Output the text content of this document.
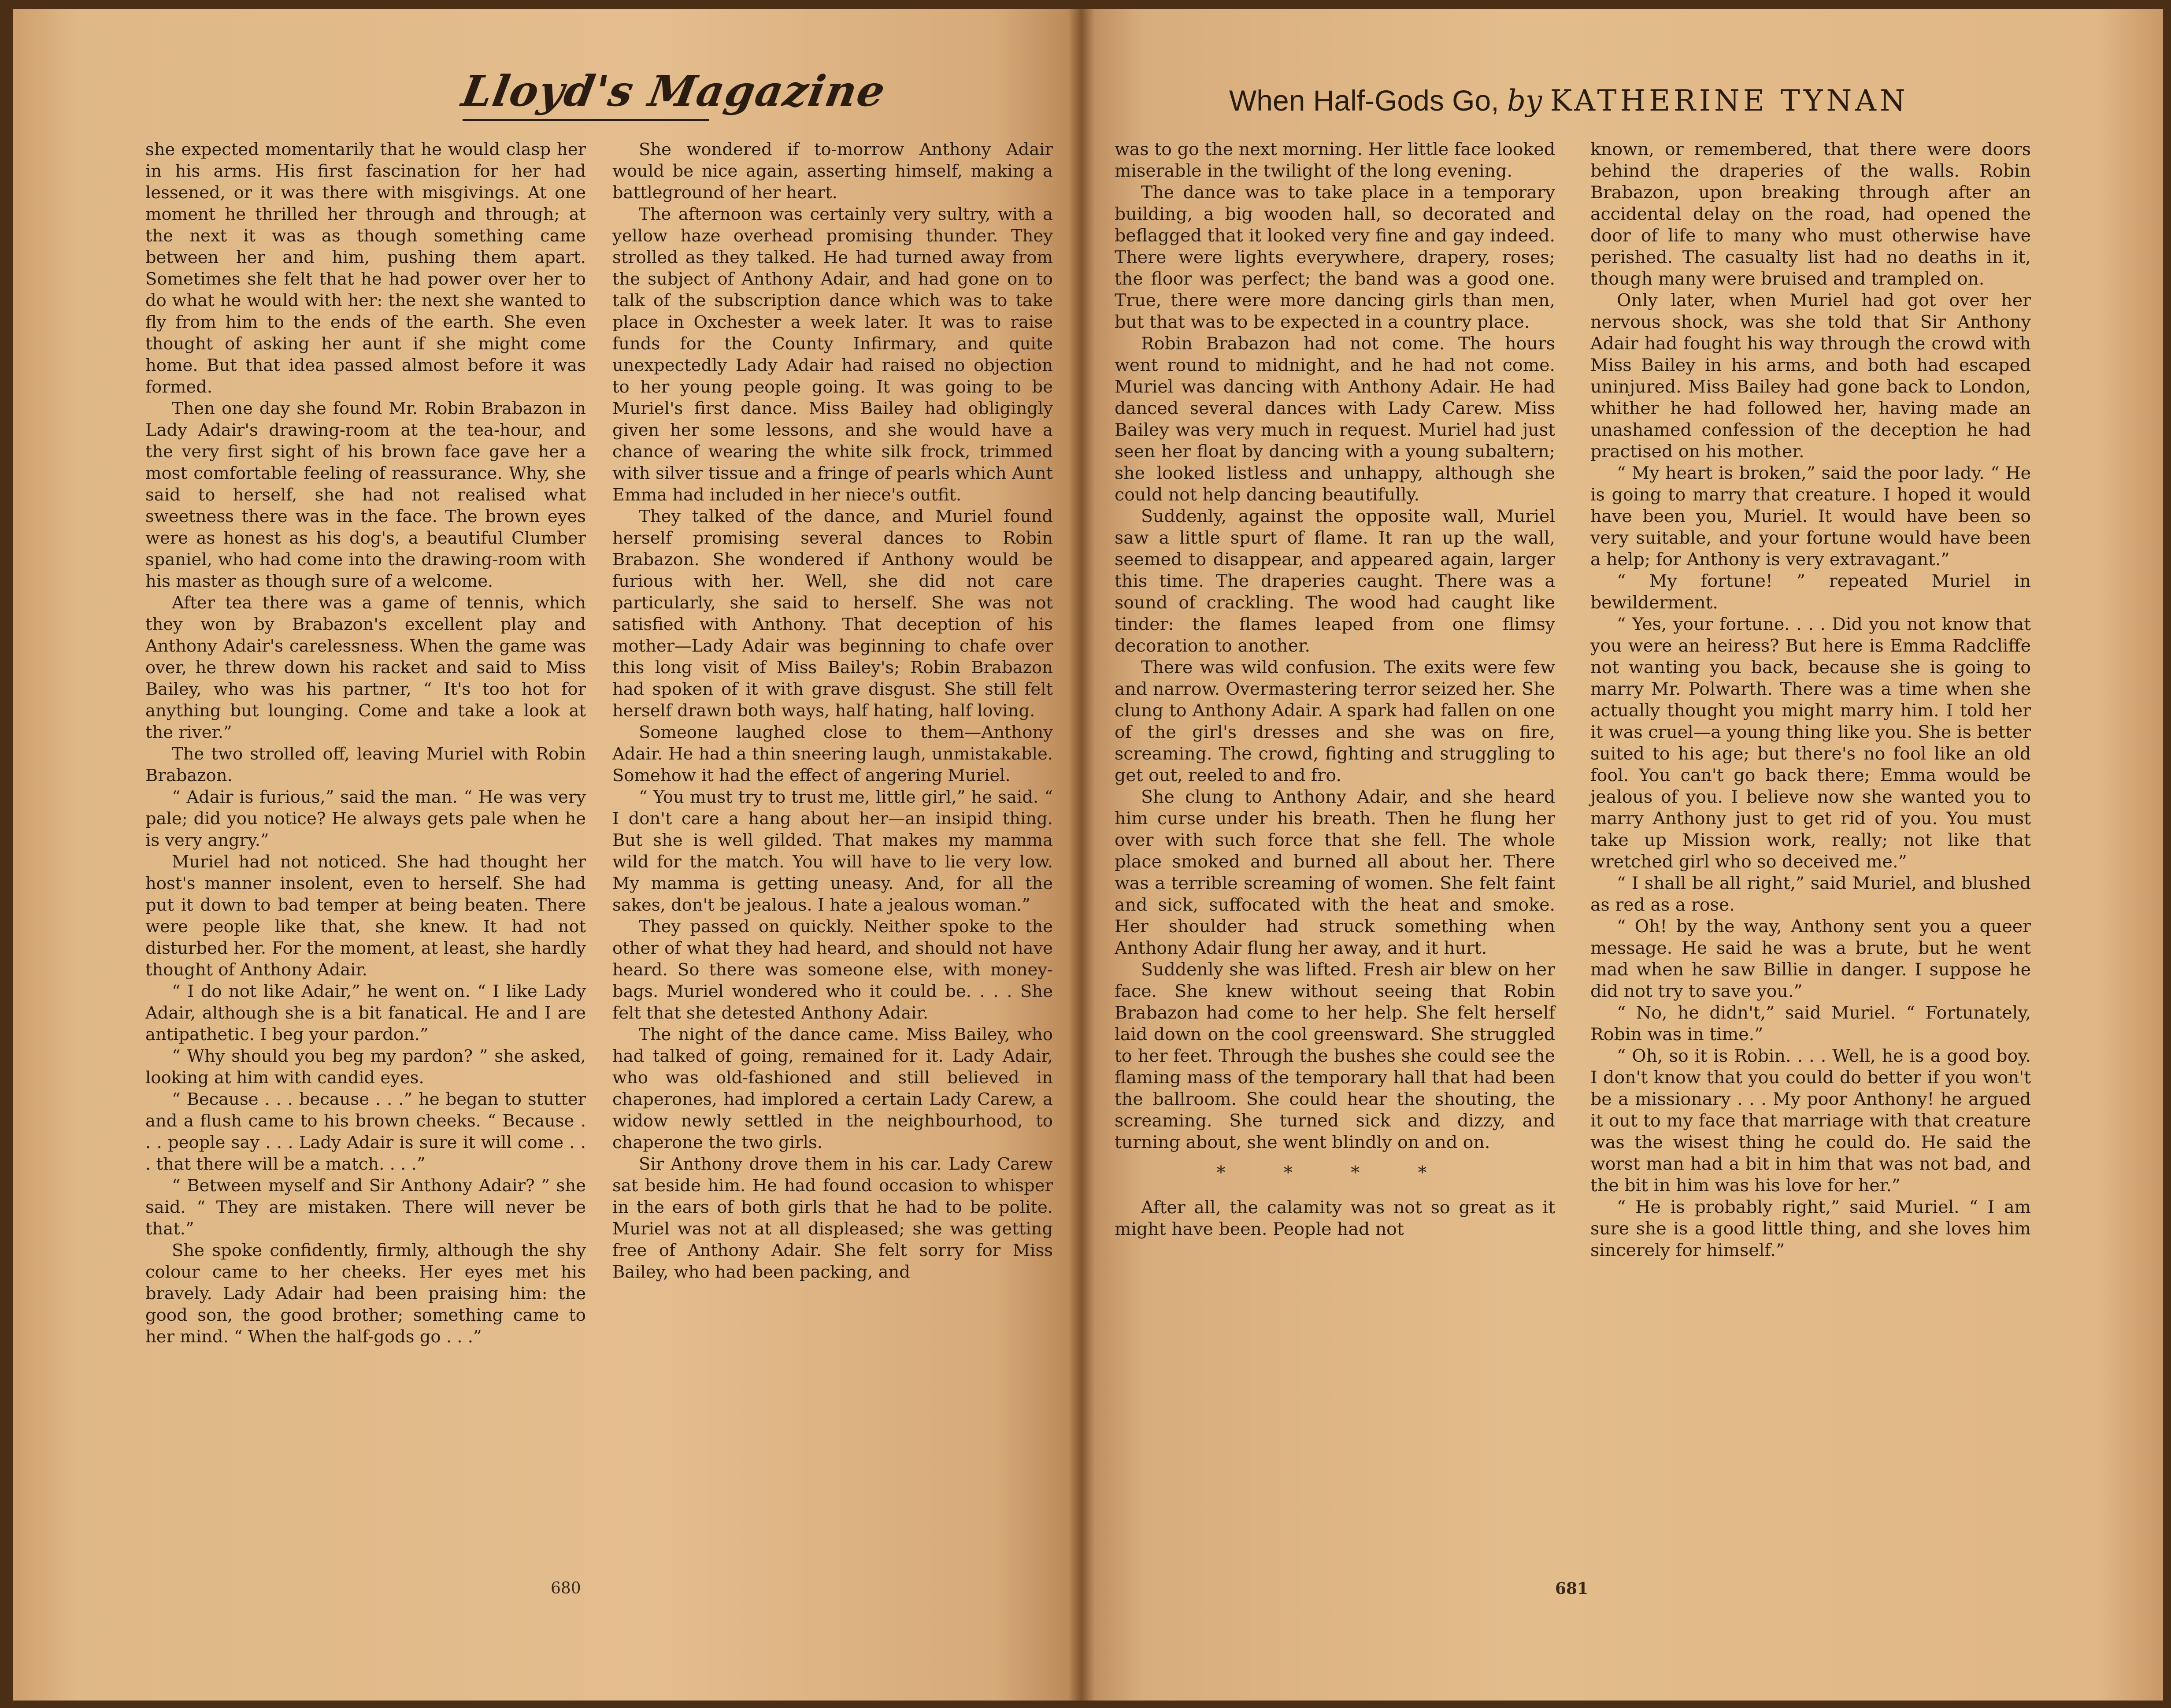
Lloyd's Magazine

she expected momentarily that he would clasp her in his arms. His first fascination for her had lessened, or it was there with misgivings. At one moment he thrilled her through and through; at the next it was as though something came between her and him, pushing them apart. Sometimes she felt that he had power over her to do what he would with her: the next she wanted to fly from him to the ends of the earth. She even thought of asking her aunt if she might come home. But that idea passed almost before it was formed.

Then one day she found Mr. Robin Brabazon in Lady Adair's drawing-room at the tea-hour, and the very first sight of his brown face gave her a most comfortable feeling of reassurance. Why, she said to herself, she had not realised what sweetness there was in the face. The brown eyes were as honest as his dog's, a beautiful Clumber spaniel, who had come into the drawing-room with his master as though sure of a welcome.

After tea there was a game of tennis, which they won by Brabazon's excellent play and Anthony Adair's carelessness. When the game was over, he threw down his racket and said to Miss Bailey, who was his partner, “ It's too hot for anything but lounging. Come and take a look at the river.”

The two strolled off, leaving Muriel with Robin Brabazon.

“ Adair is furious,” said the man. “ He was very pale; did you notice? He always gets pale when he is very angry.”

Muriel had not noticed. She had thought her host's manner insolent, even to herself. She had put it down to bad temper at being beaten. There were people like that, she knew. It had not disturbed her. For the moment, at least, she hardly thought of Anthony Adair.

“ I do not like Adair,” he went on. “ I like Lady Adair, although she is a bit fanatical. He and I are antipathetic. I beg your pardon.”

“ Why should you beg my pardon? ” she asked, looking at him with candid eyes.

“ Because . . . because . . .” he began to stutter and a flush came to his brown cheeks. “ Because . . . people say . . . Lady Adair is sure it will come . . . that there will be a match. . . .”

“ Between myself and Sir Anthony Adair? ” she said. “ They are mistaken. There will never be that.”

She spoke confidently, firmly, although the shy colour came to her cheeks. Her eyes met his bravely. Lady Adair had been praising him: the good son, the good brother; something came to her mind. “ When the half-gods go . . .”

She wondered if to-morrow Anthony Adair would be nice again, asserting himself, making a battleground of her heart.

The afternoon was certainly very sultry, with a yellow haze overhead promising thunder. They strolled as they talked. He had turned away from the subject of Anthony Adair, and had gone on to talk of the subscription dance which was to take place in Oxchester a week later. It was to raise funds for the County Infirmary, and quite unexpectedly Lady Adair had raised no objection to her young people going. It was going to be Muriel's first dance. Miss Bailey had obligingly given her some lessons, and she would have a chance of wearing the white silk frock, trimmed with silver tissue and a fringe of pearls which Aunt Emma had included in her niece's outfit.

They talked of the dance, and Muriel found herself promising several dances to Robin Brabazon. She wondered if Anthony would be furious with her. Well, she did not care particularly, she said to herself. She was not satisfied with Anthony. That deception of his mother—Lady Adair was beginning to chafe over this long visit of Miss Bailey's; Robin Brabazon had spoken of it with grave disgust. She still felt herself drawn both ways, half hating, half loving.

Someone laughed close to them—Anthony Adair. He had a thin sneering laugh, unmistakable. Somehow it had the effect of angering Muriel.

“ You must try to trust me, little girl,” he said. “ I don't care a hang about her—an insipid thing. But she is well gilded. That makes my mamma wild for the match. You will have to lie very low. My mamma is getting uneasy. And, for all the sakes, don't be jealous. I hate a jealous woman.”

They passed on quickly. Neither spoke to the other of what they had heard, and should not have heard. So there was someone else, with money-bags. Muriel wondered who it could be. . . . She felt that she detested Anthony Adair.

The night of the dance came. Miss Bailey, who had talked of going, remained for it. Lady Adair, who was old-fashioned and still believed in chaperones, had implored a certain Lady Carew, a widow newly settled in the neighbourhood, to chaperone the two girls.

Sir Anthony drove them in his car. Lady Carew sat beside him. He had found occasion to whisper in the ears of both girls that he had to be polite. Muriel was not at all displeased; she was getting free of Anthony Adair. She felt sorry for Miss Bailey, who had been packing, and

680
When Half-Gods Go, by KATHERINE TYNAN

was to go the next morning. Her little face looked miserable in the twilight of the long evening.

The dance was to take place in a temporary building, a big wooden hall, so decorated and beflagged that it looked very fine and gay indeed. There were lights everywhere, drapery, roses; the floor was perfect; the band was a good one. True, there were more dancing girls than men, but that was to be expected in a country place.

Robin Brabazon had not come. The hours went round to midnight, and he had not come. Muriel was dancing with Anthony Adair. He had danced several dances with Lady Carew. Miss Bailey was very much in request. Muriel had just seen her float by dancing with a young subaltern; she looked listless and unhappy, although she could not help dancing beautifully.

Suddenly, against the opposite wall, Muriel saw a little spurt of flame. It ran up the wall, seemed to disappear, and appeared again, larger this time. The draperies caught. There was a sound of crackling. The wood had caught like tinder: the flames leaped from one flimsy decoration to another.

There was wild confusion. The exits were few and narrow. Overmastering terror seized her. She clung to Anthony Adair. A spark had fallen on one of the girl's dresses and she was on fire, screaming. The crowd, fighting and struggling to get out, reeled to and fro.

She clung to Anthony Adair, and she heard him curse under his breath. Then he flung her over with such force that she fell. The whole place smoked and burned all about her. There was a terrible screaming of women. She felt faint and sick, suffocated with the heat and smoke. Her shoulder had struck something when Anthony Adair flung her away, and it hurt.

Suddenly she was lifted. Fresh air blew on her face. She knew without seeing that Robin Brabazon had come to her help. She felt herself laid down on the cool greensward. She struggled to her feet. Through the bushes she could see the flaming mass of the temporary hall that had been the ballroom. She could hear the shouting, the screaming. She turned sick and dizzy, and turning about, she went blindly on and on.

* * * *

After all, the calamity was not so great as it might have been. People had not

known, or remembered, that there were doors behind the draperies of the walls. Robin Brabazon, upon breaking through after an accidental delay on the road, had opened the door of life to many who must otherwise have perished. The casualty list had no deaths in it, though many were bruised and trampled on.

Only later, when Muriel had got over her nervous shock, was she told that Sir Anthony Adair had fought his way through the crowd with Miss Bailey in his arms, and both had escaped uninjured. Miss Bailey had gone back to London, whither he had followed her, having made an unashamed confession of the deception he had practised on his mother.

“ My heart is broken,” said the poor lady. “ He is going to marry that creature. I hoped it would have been you, Muriel. It would have been so very suitable, and your fortune would have been a help; for Anthony is very extravagant.”

“ My fortune! ” repeated Muriel in bewilderment.

“ Yes, your fortune. . . . Did you not know that you were an heiress? But here is Emma Radcliffe not wanting you back, because she is going to marry Mr. Polwarth. There was a time when she actually thought you might marry him. I told her it was cruel—a young thing like you. She is better suited to his age; but there's no fool like an old fool. You can't go back there; Emma would be jealous of you. I believe now she wanted you to marry Anthony just to get rid of you. You must take up Mission work, really; not like that wretched girl who so deceived me.”

“ I shall be all right,” said Muriel, and blushed as red as a rose.

“ Oh! by the way, Anthony sent you a queer message. He said he was a brute, but he went mad when he saw Billie in danger. I suppose he did not try to save you.”

“ No, he didn't,” said Muriel. “ Fortunately, Robin was in time.”

“ Oh, so it is Robin. . . . Well, he is a good boy. I don't know that you could do better if you won't be a missionary . . . My poor Anthony! he argued it out to my face that marriage with that creature was the wisest thing he could do. He said the worst man had a bit in him that was not bad, and the bit in him was his love for her.”

“ He is probably right,” said Muriel. “ I am sure she is a good little thing, and she loves him sincerely for himself.”

681
